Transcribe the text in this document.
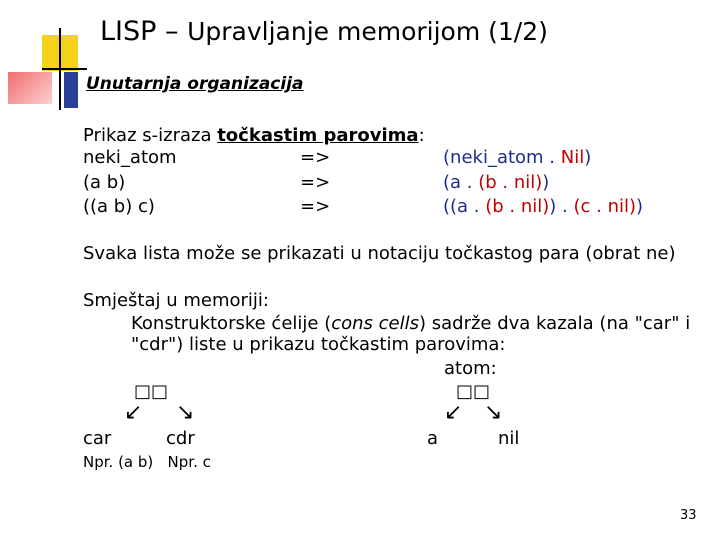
LISP – Upravljanje memorijom (1/2)
Unutarnja organizacija
Prikaz s-izraza točkastim parovima:
neki_atom	=>	(neki_atom . Nil)
(a b)	=>	(a . (b . nil))
((a b) c)	=>	((a . (b . nil)) . (c . nil))
Svaka lista može se prikazati u notaciju točkastog para (obrat ne)
Smještaj u memoriji:
Konstruktorske ćelije (cons cells) sadrže dva kazala (na "car" i
"cdr") liste u prikazu točkastim parovima:
atom:
□□	□□
↙ ↘	↙ ↘
car	cdr	a	nil
Npr. (a b)   Npr. c
33
